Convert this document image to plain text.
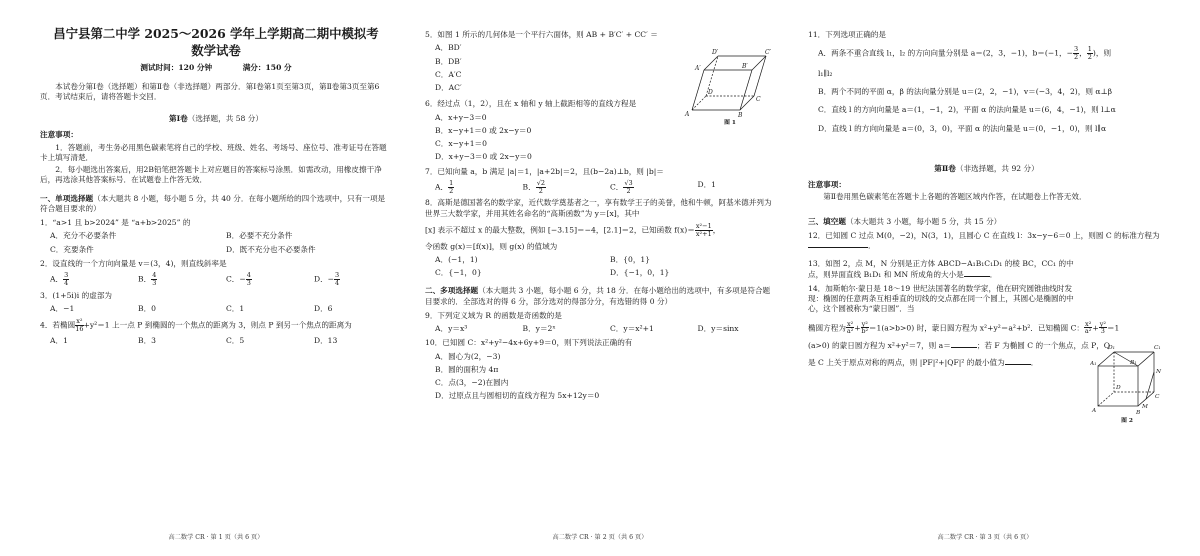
昌宁县第二中学 2025～2026 学年上学期高二期中模拟考
数学试卷
测试时间：120 分钟	满分：150 分
本试卷分第Ⅰ卷（选择题）和第Ⅱ卷（非选择题）两部分．第Ⅰ卷第1页至第3页，第Ⅱ卷第3页至第6页．考试结束后，请将答题卡交回．
第Ⅰ卷（选择题，共 58 分）
注意事项：
1．答题前，考生务必用黑色碳素笔将自己的学校、班级、姓名、考场号、座位号、准考证号在答题卡上填写清楚．
2．每小题选出答案后，用2B铅笔把答题卡上对应题目的答案标号涂黑．如需改动，用橡皮擦干净后，再选涂其他答案标号．在试题卷上作答无效．
一、单项选择题（本大题共 8 小题，每小题 5 分，共 40 分．在每小题所给的四个选项中，只有一项是符合题目要求的）
1．“a>1 且 b>2024” 是 “a+b>2025” 的
A．充分不必要条件	B．必要不充分条件
C．充要条件	D．既不充分也不必要条件
2．设直线的一个方向向量是 v＝(3，4)，则直线斜率是
A． $\frac{3}{4}$	B． $\frac{4}{3}$	C．− $\frac{4}{3}$	D．− $\frac{3}{4}$
3．(1+5i)i 的虚部为
A．−1	B．0	C．1	D．6
4．若椭圆 $\frac{\text{x²}}{16} +y^2=1$ 上一点 P 到椭圆的一个焦点的距离为 3，则点 P 到另一个焦点的距离为
A．1	B．3	C．5	D．13
高二数学 CR · 第 1 页（共 6 页）
5．如图 1 所示的几何体是一个平行六面体，则 AB + B′C′ + CC′ ＝
A．BD′
B．DB′
C．A′C
D．AC′
A	B
C
D
A′	B′
C′
D′
图 1
6．经过点（1，2），且在 x 轴和 y 轴上截距相等的直线方程是
A．x+y−3＝0
B．x−y+1＝0 或 2x−y＝0
C．x−y+1＝0
D．x+y−3＝0 或 2x−y＝0
7．已知向量 a，b 满足 |a|＝1，|a+2b|＝2，且(b−2a)⊥b，则 |b|＝
A． $\frac{1}{2}$	B． $\frac{√2}{2}$	C． $\frac{√3}{2}$	D．1
8．高斯是德国著名的数学家，近代数学奠基者之一，享有数学王子的美誉，他和牛顿，阿基米德并列为世界三大数学家，并用其姓名命名的“高斯函数”为 y＝[x]，其中
[x] 表示不超过 x 的最大整数，例如 [−3.15]＝−4，[2.1]＝2，已知函数 $f(x)= \frac{\text{x²−1}}{\text{x²+1}}$ ，
令函数 g(x)＝[f(x)]，则 g(x) 的值域为
A．(−1，1)	B．{0，1}
C．{−1，0}	D．{−1，0，1}
二、多项选择题（本大题共 3 小题，每小题 6 分，共 18 分．在每小题给出的选项中，有多项是符合题目要求的．全部选对的得 6 分，部分选对的得部分分，有选错的得 0 分）
9．下列定义域为 R 的函数是奇函数的是
A．y＝x³	B．y＝2ˣ	C．y＝x²+1	D．y＝sinx
10．已知圆 C：x²+y²−4x+6y+9＝0，则下列说法正确的有
A．圆心为(2，−3)
B．圆的面积为 4π
C．点(3，−2)在圆内
D．过原点且与圆相切的直线方程为 5x+12y＝0
高二数学 CR · 第 2 页（共 6 页）
11．下列选项正确的是
A．两条不重合直线 l₁，l₂ 的方向向量分别是 a＝(2，3，−1)，b＝(−1，− $\frac{3}{2}$ ， $\frac{1}{2}$ )，则
l₁∥l₂
B．两个不同的平面 α，β 的法向量分别是 u＝(2，2，−1)，v＝(−3，4，2)，则 α⊥β
C．直线 l 的方向向量是 a＝(1，−1，2)，平面 α 的法向量是 u＝(6，4，−1)，则 l⊥α
D．直线 l 的方向向量是 a＝(0，3，0)，平面 α 的法向量是 u＝(0，−1，0)，则 l∥α
第Ⅱ卷（非选择题，共 92 分）
注意事项：
第Ⅱ卷用黑色碳素笔在答题卡上各题的答题区域内作答，在试题卷上作答无效．
三、填空题（本大题共 3 小题，每小题 5 分，共 15 分）
12．已知圆 C 过点 M(0，−2)，N(3，1)，且圆心 C 在直线 l：3x−y−6＝0 上，则圆 C 的标准方程为．
13．如图 2，点 M，N 分别是正方体 ABCD−A₁B₁C₁D₁ 的棱 BC，CC₁ 的中点，则异面直线 B₁D₁ 和 MN 所成角的大小是	．
14．加斯帕尔·蒙日是 18～19 世纪法国著名的数学家，他在研究圆锥曲线时发现：椭圆的任意两条互相垂直的切线的交点都在同一个圆上，其圆心是椭圆的中心，这个圆被称为“蒙日圆”．当
椭圆方程为 $\frac{\text{x²}}{\text{a²}} + \frac{\text{y²}}{\text{b²}} =1(a>b>0)$ 时，蒙日圆方程为 x²+y²＝a²+b²．已知椭圆 C： $\frac{\text{x²}}{\text{a²}} + \frac{\text{y²}}{3} =1$
(a>0) 的蒙日圆方程为 x²+y²＝7，则 a＝	；若 F 为椭圆 C 的一个焦点，点 P，Q
是 C 上关于原点对称的两点，则 |PF|²+|QF|² 的最小值为	．
A	B
C
D
A₁	B₁
C₁
D₁
M
N
图 2
高二数学 CR · 第 3 页（共 6 页）
